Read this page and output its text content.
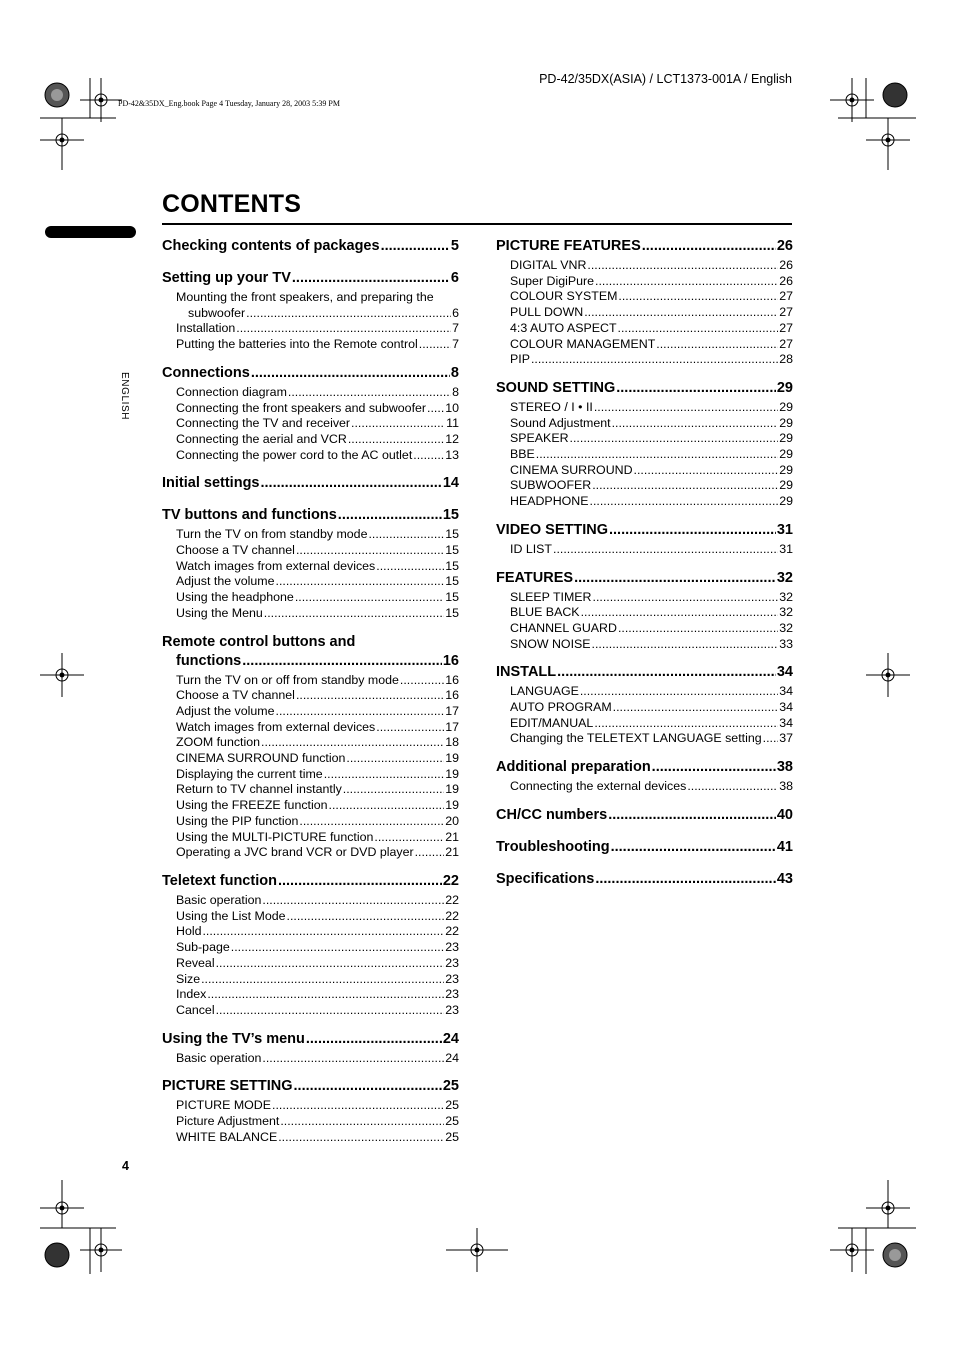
PD-42/35DX(ASIA) / LCT1373-001A / English
PD-42&35DX_Eng.book Page 4 Tuesday, January 28, 2003 5:39 PM
CONTENTS
ENGLISH
4
Checking contents of packages .....	5
Setting up your TV .....	6
Mounting the front speakers, and preparing the
subwoofer .....	6
Installation .....	7
Putting the batteries into the Remote control .....	7
Connections .....	8
Connection diagram .....	8
Connecting the front speakers and subwoofer ..... 10
Connecting the TV and receiver .....	11
Connecting the aerial and VCR .....	12
Connecting the power cord to the AC outlet .....	13
Initial settings .....	14
TV buttons and functions .....	15
Turn the TV on from standby mode .....	15
Choose a TV channel .....	15
Watch images from external devices .....	15
Adjust the volume .....	15
Using the headphone .....	15
Using the Menu .....	15
Remote control buttons and
functions .....	16
Turn the TV on or off from standby mode .....	16
Choose a TV channel .....	16
Adjust the volume .....	17
Watch images from external devices .....	17
ZOOM function .....	18
CINEMA SURROUND function .....	19
Displaying the current time .....	19
Return to TV channel instantly .....	19
Using the FREEZE function .....	19
Using the PIP function .....	20
Using the MULTI-PICTURE function .....	21
Operating a JVC brand VCR or DVD player .....	21
Teletext function .....	22
Basic operation .....	22
Using the List Mode .....	22
Hold .....	22
Sub-page .....	23
Reveal .....	23
Size .....	23
Index .....	23
Cancel .....	23
Using the TV’s menu .....	24
Basic operation .....	24
PICTURE SETTING .....	25
PICTURE MODE .....	25
Picture Adjustment .....	25
WHITE BALANCE .....	25
PICTURE FEATURES .....	26
DIGITAL VNR .....	26
Super DigiPure .....	26
COLOUR SYSTEM .....	27
PULL DOWN .....	27
4:3 AUTO ASPECT .....	27
COLOUR MANAGEMENT .....	27
PIP .....	28
SOUND SETTING .....	29
STEREO / I • II .....	29
Sound Adjustment .....	29
SPEAKER .....	29
BBE .....	29
CINEMA SURROUND .....	29
SUBWOOFER .....	29
HEADPHONE .....	29
VIDEO SETTING .....	31
ID LIST .....	31
FEATURES .....	32
SLEEP TIMER .....	32
BLUE BACK .....	32
CHANNEL GUARD .....	32
SNOW NOISE .....	33
INSTALL .....	34
LANGUAGE .....	34
AUTO PROGRAM .....	34
EDIT/MANUAL .....	34
Changing the TELETEXT LANGUAGE setting ..... 37
Additional preparation .....	38
Connecting the external devices .....	38
CH/CC numbers .....	40
Troubleshooting .....	41
Specifications .....	43
